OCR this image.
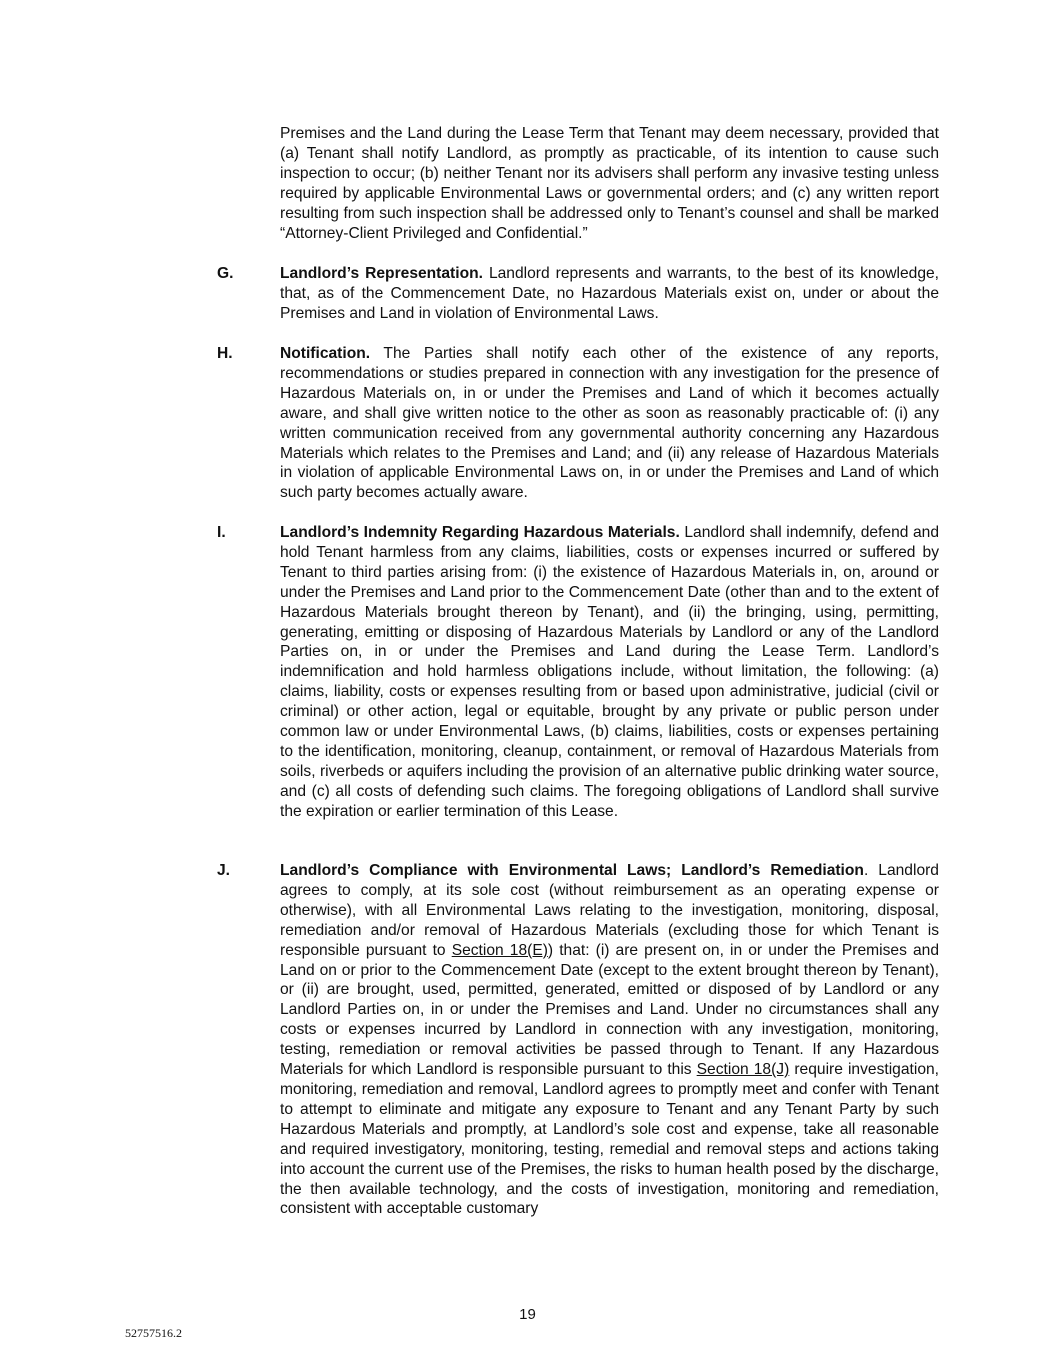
Premises and the Land during the Lease Term that Tenant may deem necessary, provided that (a) Tenant shall notify Landlord, as promptly as practicable, of its intention to cause such inspection to occur; (b) neither Tenant nor its advisers shall perform any invasive testing unless required by applicable Environmental Laws or governmental orders; and (c) any written report resulting from such inspection shall be addressed only to Tenant’s counsel and shall be marked “Attorney-Client Privileged and Confidential.”

G.	Landlord’s Representation. Landlord represents and warrants, to the best of its knowledge, that, as of the Commencement Date, no Hazardous Materials exist on, under or about the Premises and Land in violation of Environmental Laws.

H.	Notification. The Parties shall notify each other of the existence of any reports, recommendations or studies prepared in connection with any investigation for the presence of Hazardous Materials on, in or under the Premises and Land of which it becomes actually aware, and shall give written notice to the other as soon as reasonably practicable of: (i) any written communication received from any governmental authority concerning any Hazardous Materials which relates to the Premises and Land; and (ii) any release of Hazardous Materials in violation of applicable Environmental Laws on, in or under the Premises and Land of which such party becomes actually aware.

I.	Landlord’s Indemnity Regarding Hazardous Materials. Landlord shall indemnify, defend and hold Tenant harmless from any claims, liabilities, costs or expenses incurred or suffered by Tenant to third parties arising from: (i) the existence of Hazardous Materials in, on, around or under the Premises and Land prior to the Commencement Date (other than and to the extent of Hazardous Materials brought thereon by Tenant), and (ii) the bringing, using, permitting, generating, emitting or disposing of Hazardous Materials by Landlord or any of the Landlord Parties on, in or under the Premises and Land during the Lease Term. Landlord’s indemnification and hold harmless obligations include, without limitation, the following: (a) claims, liability, costs or expenses resulting from or based upon administrative, judicial (civil or criminal) or other action, legal or equitable, brought by any private or public person under common law or under Environmental Laws, (b) claims, liabilities, costs or expenses pertaining to the identification, monitoring, cleanup, containment, or removal of Hazardous Materials from soils, riverbeds or aquifers including the provision of an alternative public drinking water source, and (c) all costs of defending such claims. The foregoing obligations of Landlord shall survive the expiration or earlier termination of this Lease.

J.	Landlord’s Compliance with Environmental Laws; Landlord’s Remediation. Landlord agrees to comply, at its sole cost (without reimbursement as an operating expense or otherwise), with all Environmental Laws relating to the investigation, monitoring, disposal, remediation and/or removal of Hazardous Materials (excluding those for which Tenant is responsible pursuant to Section 18(E)) that: (i) are present on, in or under the Premises and Land on or prior to the Commencement Date (except to the extent brought thereon by Tenant), or (ii) are brought, used, permitted, generated, emitted or disposed of by Landlord or any Landlord Parties on, in or under the Premises and Land. Under no circumstances shall any costs or expenses incurred by Landlord in connection with any investigation, monitoring, testing, remediation or removal activities be passed through to Tenant. If any Hazardous Materials for which Landlord is responsible pursuant to this Section 18(J) require investigation, monitoring, remediation and removal, Landlord agrees to promptly meet and confer with Tenant to attempt to eliminate and mitigate any exposure to Tenant and any Tenant Party by such Hazardous Materials and promptly, at Landlord’s sole cost and expense, take all reasonable and required investigatory, monitoring, testing, remedial and removal steps and actions taking into account the current use of the Premises, the risks to human health posed by the discharge, the then available technology, and the costs of investigation, monitoring and remediation, consistent with acceptable customary

19
52757516.2
